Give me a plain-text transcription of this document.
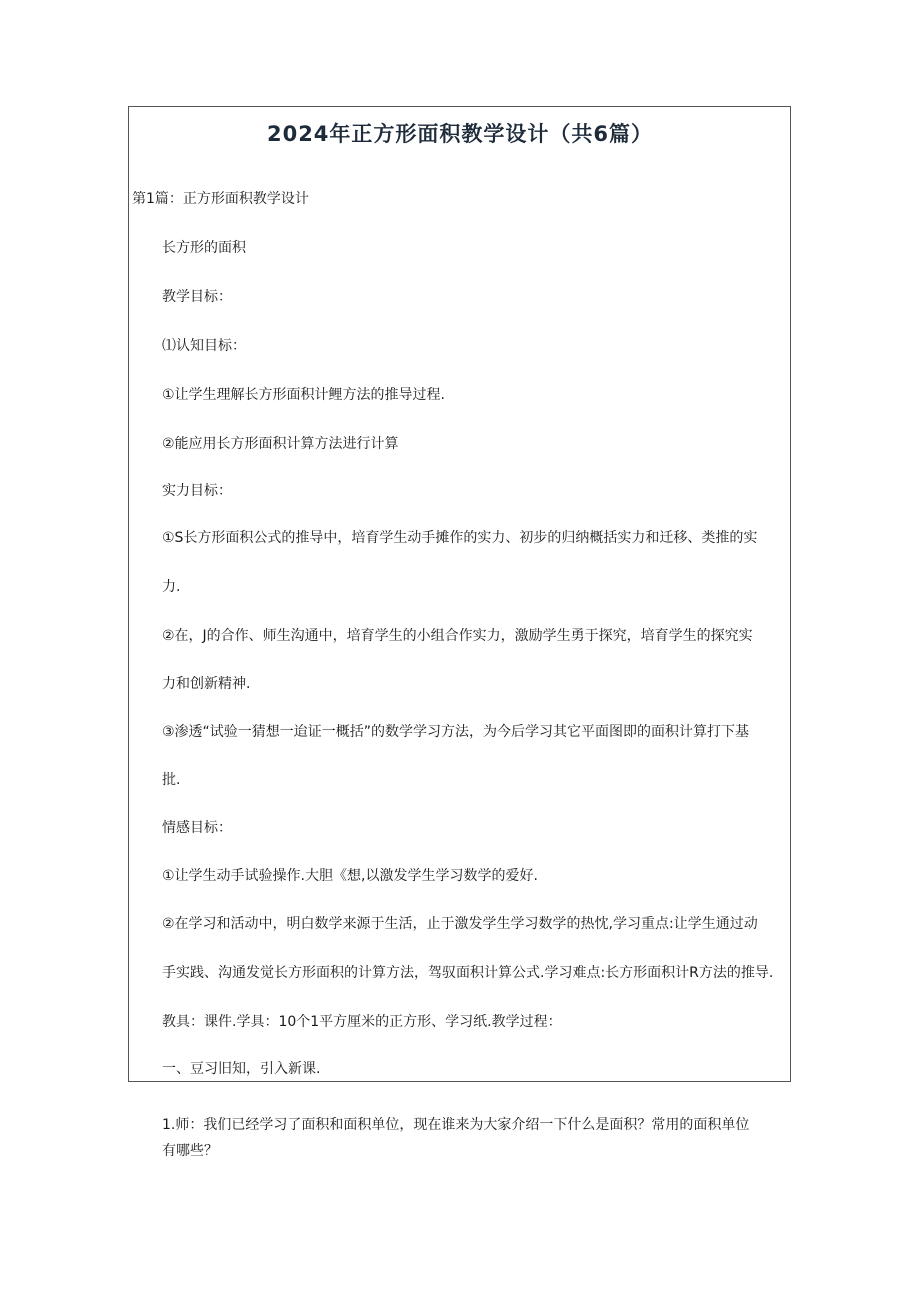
2024年正方形面积教学设计（共6篇）
第1篇：正方形面积教学设计
长方形的面积
教学目标：
⑴认知目标：
①让学生理解长方形面积计鲤方法的推导过程.
②能应用长方形面积计算方法进行计算
实力目标：
①S长方形面积公式的推导中，培育学生动手摊作的实力、初步的归纳概括实力和迁移、类推的实
力.
②在，J的合作、师生沟通中，培育学生的小组合作实力，激励学生勇于探究，培育学生的探究实
力和创新精神.
③渗透“试验一猜想一迨证一概括”的数学学习方法，为今后学习其它平面图即的面积计算打下基
批.
情感目标：
①让学生动手试验操作.大胆《想,以激发学生学习数学的爱好.
②在学习和活动中，明白数学来源于生活，止于激发学生学习数学的热忱,学习重点:让学生通过动
手实践、沟通发觉长方形面积的计算方法，驾驭面积计算公式.学习难点:长方形面积计R方法的推导.
教具：课件.学具：10个1平方厘米的正方形、学习纸.教学过程：
一、豆习旧知，引入新课.
1.师：我们已经学习了面积和面积单位，现在谁来为大家介绍一下什么是面积？常用的面积单位
有哪些？
